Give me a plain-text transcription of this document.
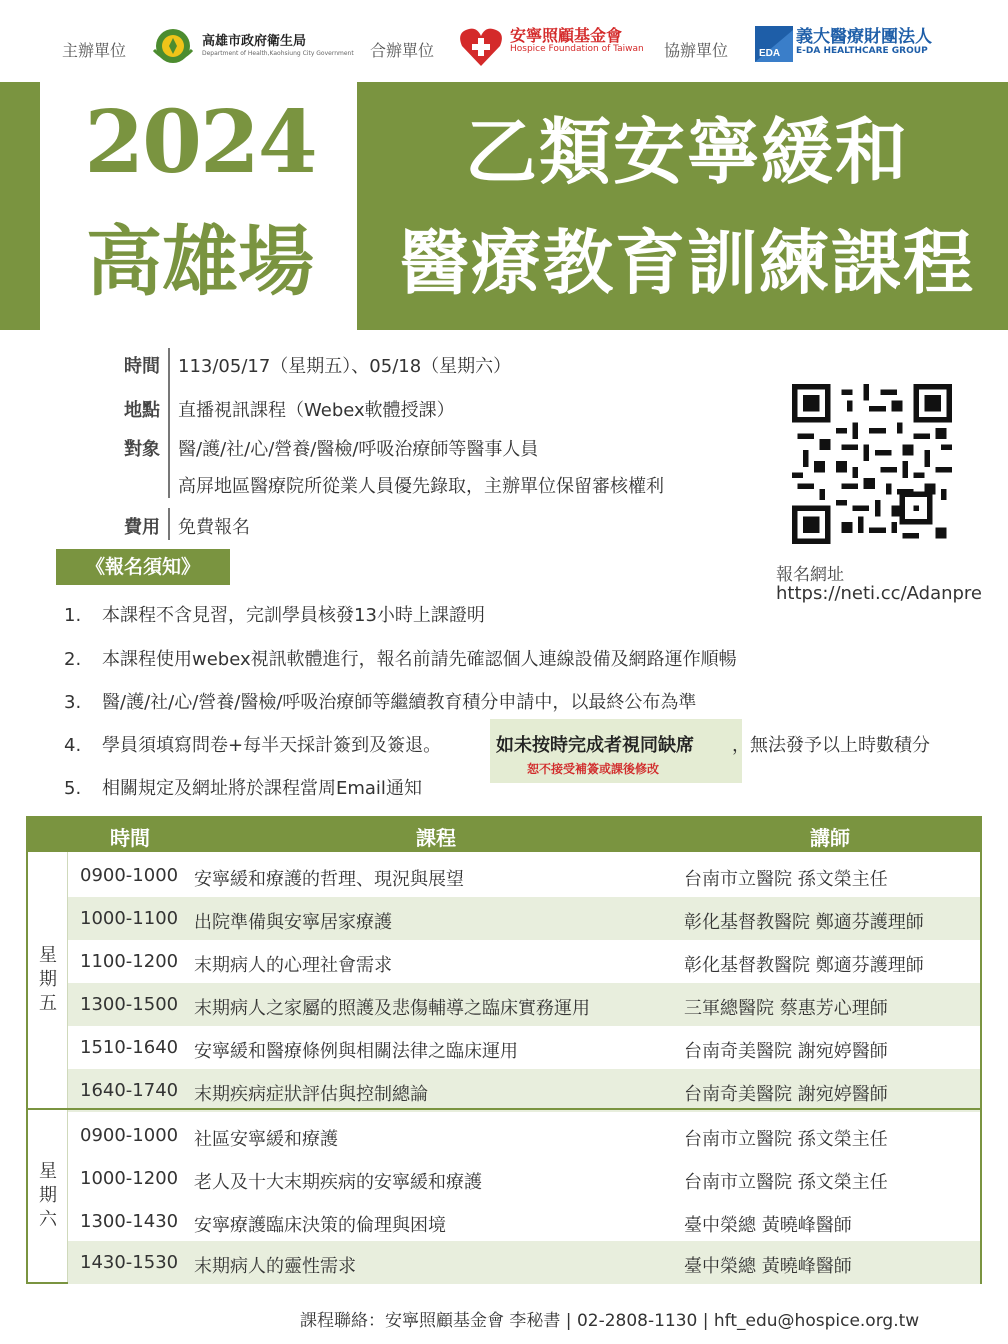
主辦單位	高雄市政府衛生局
Department of Health,Kaohsiung City Government 合辦單位
安寧照顧基金會
Hospice Foundation of Taiwan 協辦單位	EDA
義大醫療財團法人
E-DA HEALTHCARE GROUP
2024
高雄場
乙類安寧緩和
醫療教育訓練課程
時間 113/05/17（星期五）、05/18（星期六）
地點 直播視訊課程（Webex軟體授課）
對象 醫/護/社/心/營養/醫檢/呼吸治療師等醫事人員
高屏地區醫療院所從業人員優先錄取，主辦單位保留審核權利
費用 免費報名
報名網址
https://neti.cc/Adanpre
《報名須知》
1. 本課程不含見習，完訓學員核發13小時上課證明
2. 本課程使用webex視訊軟體進行，報名前請先確認個人連線設備及網路運作順暢
3. 醫/護/社/心/營養/醫檢/呼吸治療師等繼續教育積分申請中，以最終公布為準
4. 學員須填寫問卷+每半天採計簽到及簽退。	如未按時完成者視同缺席
恕不接受補簽或課後修改
，無法發予以上時數積分
5. 相關規定及網址將於課程當周Email通知
時間	課程	講師
星
期
五
0900-1000 安寧緩和療護的哲理、現況與展望	台南市立醫院 孫文榮主任
1000-1100 出院準備與安寧居家療護	彰化基督教醫院 鄭適芬護理師
1100-1200 末期病人的心理社會需求	彰化基督教醫院 鄭適芬護理師
1300-1500 末期病人之家屬的照護及悲傷輔導之臨床實務運用	三軍總醫院 蔡惠芳心理師
1510-1640 安寧緩和醫療條例與相關法律之臨床運用	台南奇美醫院 謝宛婷醫師
1640-1740 末期疾病症狀評估與控制總論	台南奇美醫院 謝宛婷醫師
星
期
六
0900-1000 社區安寧緩和療護	台南市立醫院 孫文榮主任
1000-1200 老人及十大末期疾病的安寧緩和療護	台南市立醫院 孫文榮主任
1300-1430 安寧療護臨床決策的倫理與困境	臺中榮總 黃曉峰醫師
1430-1530 末期病人的靈性需求	臺中榮總 黃曉峰醫師
課程聯絡：安寧照顧基金會 李秘書 | 02-2808-1130 | hft_edu@hospice.org.tw
